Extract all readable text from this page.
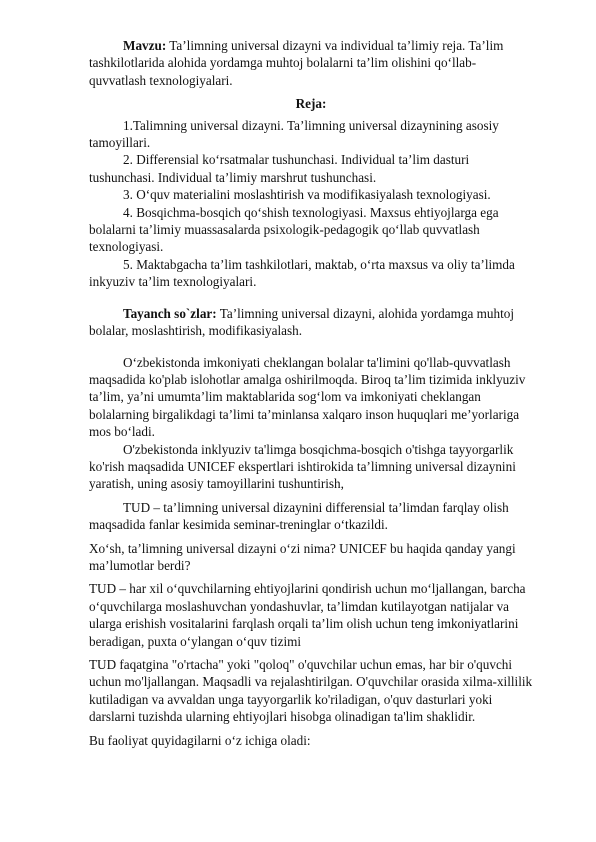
Mavzu: Ta’limning universal dizayni va individual ta’limiy reja. Ta’lim tashkilotlarida alohida yordamga muhtoj bolalarni ta’lim olishini qo‘llab-quvvatlash texnologiyalari.

Reja:

1.Talimning universal dizayni. Ta’limning universal dizaynining asosiy tamoyillari.

2. Differensial ko‘rsatmalar tushunchasi. Individual ta’lim dasturi tushunchasi. Individual ta’limiy marshrut tushunchasi.

3. O‘quv materialini moslashtirish va modifikasiyalash texnologiyasi.

4. Bosqichma-bosqich qo‘shish texnologiyasi. Maxsus ehtiyojlarga ega bolalarni ta’limiy muassasalarda psixologik-pedagogik qo‘llab quvvatlash texnologiyasi.

5. Maktabgacha ta’lim tashkilotlari, maktab, o‘rta maxsus va oliy ta’limda inkyuziv ta’lim texnologiyalari.

Tayanch so`zlar: Ta’limning universal dizayni, alohida yordamga muhtoj bolalar, moslashtirish, modifikasiyalash.

O‘zbekistonda imkoniyati cheklangan bolalar ta'limini qo'llab-quvvatlash maqsadida ko'plab islohotlar amalga oshirilmoqda. Biroq ta’lim tizimida inklyuziv ta’lim, ya’ni umumta’lim maktablarida sog‘lom va imkoniyati cheklangan bolalarning birgalikdagi ta’limi ta’minlansa xalqaro inson huquqlari me’yorlariga mos bo‘ladi.

O'zbekistonda inklyuziv ta'limga bosqichma-bosqich o'tishga tayyorgarlik ko'rish maqsadida UNICEF ekspertlari ishtirokida ta’limning universal dizaynini yaratish, uning asosiy tamoyillarini tushuntirish,

TUD – ta’limning universal dizaynini differensial ta’limdan farqlay olish maqsadida fanlar kesimida seminar-treninglar o‘tkazildi.

Xo‘sh, ta’limning universal dizayni o‘zi nima? UNICEF bu haqida qanday yangi ma’lumotlar berdi?

TUD – har xil o‘quvchilarning ehtiyojlarini qondirish uchun mo‘ljallangan, barcha o‘quvchilarga moslashuvchan yondashuvlar, ta’limdan kutilayotgan natijalar va ularga erishish vositalarini farqlash orqali ta’lim olish uchun teng imkoniyatlarini beradigan, puxta o‘ylangan o‘quv tizimi

TUD faqatgina "o'rtacha" yoki "qoloq" o'quvchilar uchun emas, har bir o'quvchi uchun mo'ljallangan. Maqsadli va rejalashtirilgan. O'quvchilar orasida xilma-xillilik kutiladigan va avvaldan unga tayyorgarlik ko'riladigan, o'quv dasturlari yoki darslarni tuzishda ularning ehtiyojlari hisobga olinadigan ta'lim shaklidir.

Bu faoliyat quyidagilarni o‘z ichiga oladi:
